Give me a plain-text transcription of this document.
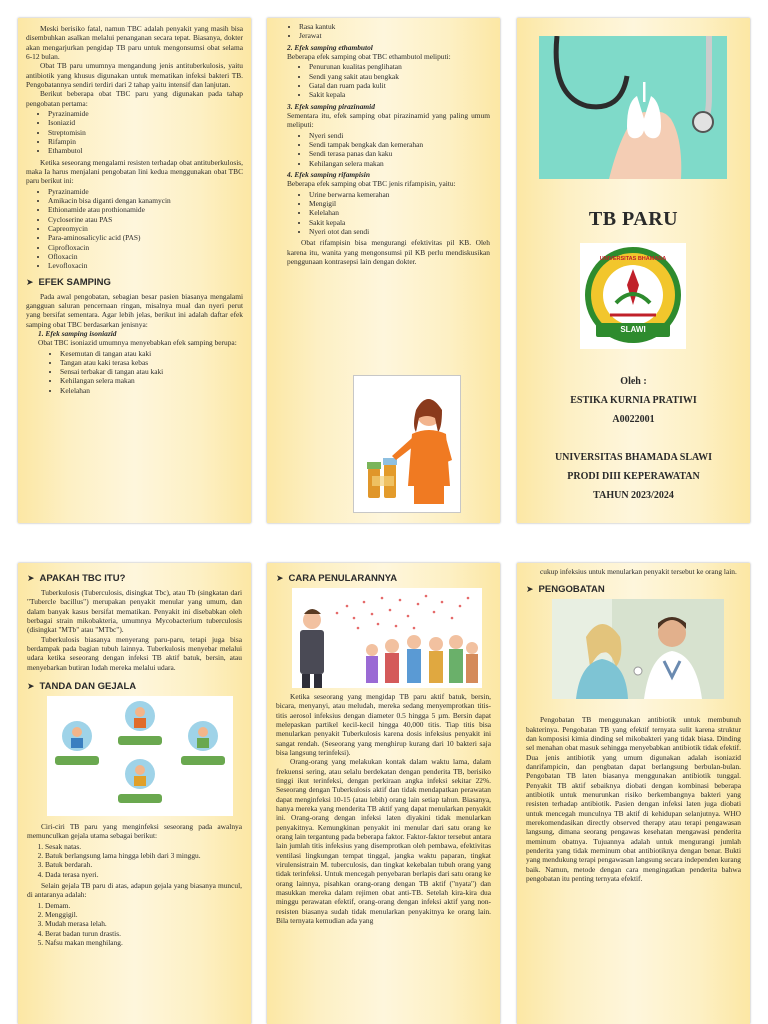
Meski berisiko fatal, namun TBC adalah penyakit yang masih bisa disembuhkan asalkan melalui penanganan secara tepat. Biasanya, dokter akan mengarjurkan pengidap TB paru untuk mengonsumsi obat selama 6-12 bulan.

Obat TB paru umumnya mengandung jenis antituberkulosis, yaitu antibiotik yang khusus digunakan untuk mematikan infeksi bakteri TB. Pengobatannya sendiri terdiri dari 2 tahap yaitu intensif dan lanjutan.

Berikut beberapa obat TBC paru yang digunakan pada tahap pengobatan pertama:

• Pyrazinamide
• Isoniazid
• Streptomisin
• Rifampin
• Ethambutol

Ketika seseorang mengalami resisten terhadap obat antituberkulosis, maka Ia harus menjalani pengobatan lini kedua menggunakan obat TBC paru berikut ini:

• Pyrazinamide
• Amikacin bisa diganti dengan kanamycin
• Ethionamide atau prothionamide
• Cycloserine atau PAS
• Capreomycin
• Para-aminosalicylic acid (PAS)
• Ciprofloxacin
• Ofloxacin
• Levofloxacin
➤ EFEK SAMPING

Pada awal pengobatan, sebagian besar pasien biasanya mengalami gangguan saluran pencernaan ringan, misalnya mual dan nyeri perut yang bersifat sementara. Agar lebih jelas, berikut ini adalah daftar efek samping obat TBC berdasarkan jenisnya:

1. Efek samping isoniazid

Obat TBC isoniazid umumnya menyebabkan efek samping berupa:

• Kesemutan di tangan atau kaki
• Tangan atau kaki terasa kebas
• Sensai terbakar di tangan atau kaki
• Kehilangan selera makan
• Kelelahan
• Rasa kantuk
• Jerawat
2. Efek samping ethambutol

Beberapa efek samping obat TBC ethambutol meliputi:

• Penurunan kualitas penglihatan
• Sendi yang sakit atau bengkak
• Gatal dan ruam pada kulit
• Sakit kepala
3. Efek samping pirazinamid

Sementara itu, efek samping obat pirazinamid yang paling umum meliputi:

• Nyeri sendi
• Sendi tampak bengkak dan kemerahan
• Sendi terasa panas dan kaku
• Kehilangan selera makan
4. Efek samping rifampisin

Beberapa efek samping obat TBC jenis rifampisin, yaitu:

• Urine berwarna kemerahan
• Mengigil
• Kelelahan
• Sakit kepala
• Nyeri otot dan sendi

Obat rifampisin bisa mengurangi efektivitas pil KB. Oleh karena itu, wanita yang mengonsumsi pil KB perlu mendiskusikan penggunaan kontrasepsi lain dengan dokter.

TB PARU
UNIVERSITAS BHAMADA
SLAWI
Oleh :
ESTIKA KURNIA PRATIWI
A0022001
UNIVERSITAS BHAMADA SLAWI
PRODI DIII KEPERAWATAN
TAHUN 2023/2024
➤ APAKAH TBC ITU?

Tuberkulosis (Tuberculosis, disingkat Tbc), atau Tb (singkatan dari "Tubercle bacillus") merupakan penyakit menular yang umum, dan dalam banyak kasus bersifat mematikan. Penyakit ini disebabkan oleh berbagai strain mikobakteria, umumnya Mycobacterium tuberculosis (disingkat "MTb" atau "MTbc").

Tuberkulosis biasanya menyerang paru-paru, tetapi juga bisa berdampak pada bagian tubuh lainnya. Tuberkulosis menyebar melalui udara ketika seseorang dengan infeksi TB aktif batuk, bersin, atau menyebarkan butiran ludah mereka melalui udara.

➤ TANDA DAN GEJALA

Ciri-ciri TB paru yang menginfeksi seseorang pada awalnya memunculkan gejala utama sebagai berikut:

1. Sesak natas.
2. Batuk berlangsung lama hingga lebih dari 3 minggu.
3. Batuk berdarah.
4. Dada terasa nyeri.

Selain gejala TB paru di atas, adapun gejala yang biasanya muncul, di antaranya adalah:

1. Demam.
2. Menggigil.
3. Mudah merasa lelah.
4. Berat badan turun drastis.
5. Nafsu makan menghilang.
➤ CARA PENULARANNYA

Ketika seseorang yang mengidap TB paru aktif batuk, bersin, bicara, menyanyi, atau meludah, mereka sedang menyemprotkan titis-titis aerosol infeksius dengan diameter 0.5 hingga 5 µm. Bersin dapat melepaskan partikel kecil-kecil hingga 40,000 titis. Tiap titis bisa menularkan penyakit Tuberkulosis karena dosis infeksius penyakit ini sangat rendah. (Seseorang yang menghirup kurang dari 10 bakteri saja bisa langsung terinfeksi).

Orang-orang yang melakukan kontak dalam waktu lama, dalam frekuensi sering, atau selalu berdekatan dengan penderita TB, berisiko tinggi ikut terinfeksi, dengan perkiraan angka infeksi sekitar 22%. Seseorang dengan Tuberkulosis aktif dan tidak mendapatkan perawatan dapat menginfeksi 10-15 (atau lebih) orang lain setiap tahun. Biasanya, hanya mereka yang menderita TB aktif yang dapat menularkan penyakit ini. Orang-orang dengan infeksi laten diyakini tidak menularkan penyakitnya. Kemungkinan penyakit ini menular dari satu orang ke orang lain tergantung pada beberapa faktor. Faktor-faktor tersebut antara lain jumlah titis infeksius yang disemprotkan oleh pembawa, efektivitas ventilasi lingkungan tempat tinggal, jangka waktu paparan, tingkat virulensistrain M. tuberculosis, dan tingkat kekebalan tubuh orang yang tidak terinfeksi. Untuk mencegah penyebaran berlapis dari satu orang ke orang lainnya, pisahkan orang-orang dengan TB aktif ("nyata") dan masukkan mereka dalam rejimen obat anti-TB. Setelah kira-kira dua minggu perawatan efektif, orang-orang dengan infeksi aktif yang non-resisten biasanya sudah tidak menularkan penyakitnya ke orang lain. Bila ternyata kemudian ada yang

cukup infeksius untuk menularkan penyakit tersebut ke orang lain.

➤ PENGOBATAN

Pengobatan TB menggunakan antibiotik untuk membunuh bakterinya. Pengobatan TB yang efektif ternyata sulit karena struktur dan komposisi kimia dinding sel mikobakteri yang tidak biasa. Dinding sel menahan obat masuk sehingga menyebabkan antibiotik tidak efektif. Dua jenis antibiotik yang umum digunakan adalah isoniazid danrifampicin, dan pengbatan dapat berlangsung berbulan-bulan. Pengobatan TB laten biasanya menggunakan antibiotik tunggal. Penyakit TB aktif sebaiknya diobati dengan kombinasi beberapa antibiotik untuk menurunkan risiko berkembangnya bakteri yang resisten terhadap antibiotik. Pasien dengan infeksi laten juga diobati untuk mencegah munculnya TB aktif di kehidupan selanjutnya. WHO merekomendasikan directly observed therapy atau terapi pengawasan langsung, dimana seorang pengawas kesehatan mengawasi penderita meminum obatnya. Tujuannya adalah untuk mengurangi jumlah penderita yang tidak meminum obat antibiotiknya dengan benar. Bukti yang mendukung terapi pengawasan langsung secara independen kurang baik. Namun, metode dengan cara mengingatkan penderita bahwa pengobatan itu penting ternyata efektif.
